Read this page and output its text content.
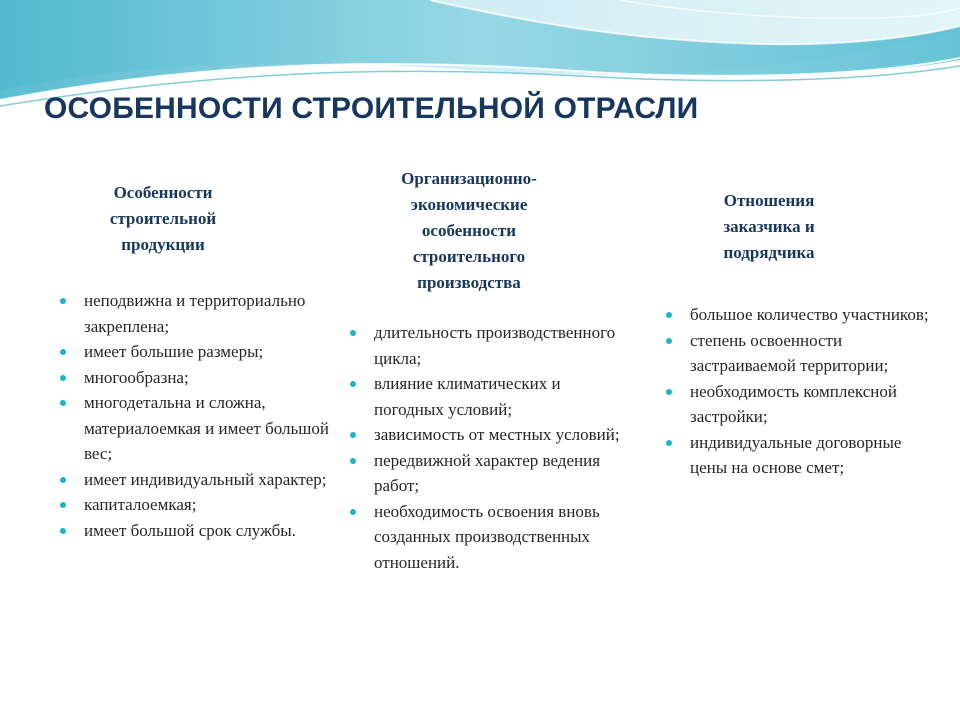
ОСОБЕННОСТИ СТРОИТЕЛЬНОЙ ОТРАСЛИ
Особенности
строительной
продукции
неподвижна и территориально закреплена;
имеет большие размеры;
многообразна;
многодетальна и сложна, материалоемкая и имеет большой вес;
имеет индивидуальный характер;
капиталоемкая;
имеет большой срок службы.
Организационно-
экономические
особенности
строительного
производства
длительность производственного цикла;
влияние климатических и погодных условий;
зависимость от местных условий;
передвижной характер ведения работ;
необходимость освоения вновь созданных производственных отношений.
Отношения
заказчика и
подрядчика
большое количество участников;
степень освоенности застраиваемой территории;
необходимость комплексной застройки;
индивидуальные договорные цены на основе смет;
